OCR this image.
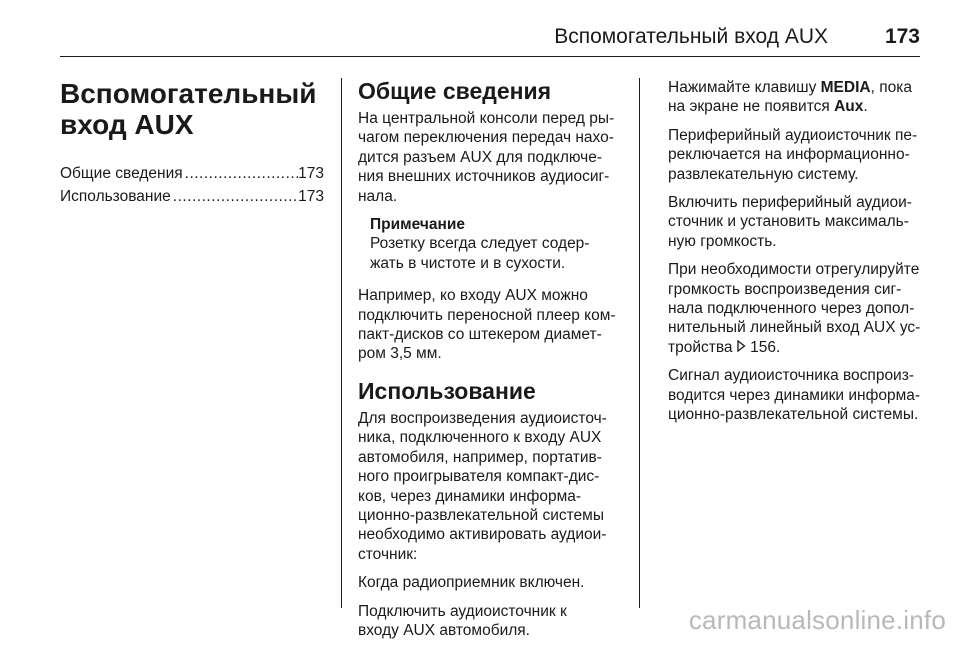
Вспомогательный вход AUX	173
Вспомогательный
вход AUX
Общие сведения .....	173
Использование .....	173
Общие сведения

На центральной консоли перед ры-
чагом переключения передач нахо-
дится разъем AUX для подключе-
ния внешних источников аудиосиг-
нала.

Примечание
Розетку всегда следует содер-
жать в чистоте и в сухости.

Например, ко входу AUX можно
подключить переносной плеер ком-
пакт-дисков со штекером диамет-
ром 3,5 мм.

Использование

Для воспроизведения аудиоисточ-
ника, подключенного к входу AUX
автомобиля, например, портатив-
ного проигрывателя компакт-дис-
ков, через динамики информа-
ционно-развлекательной системы
необходимо активировать аудиои-
сточник:

Когда радиоприемник включен.

Подключить аудиоисточник к
входу AUX автомобиля.

Нажимайте клавишу MEDIA, пока
на экране не появится Aux.

Периферийный аудиоисточник пе-
реключается на информационно-
развлекательную систему.

Включить периферийный аудиои-
сточник и установить максималь-
ную громкость.

При необходимости отрегулируйте
громкость воспроизведения сиг-
нала подключенного через допол-
нительный линейный вход AUX ус-
тройства  156.

Сигнал аудиоисточника воспроиз-
водится через динамики информа-
ционно-развлекательной системы.

carmanualsonline.info
